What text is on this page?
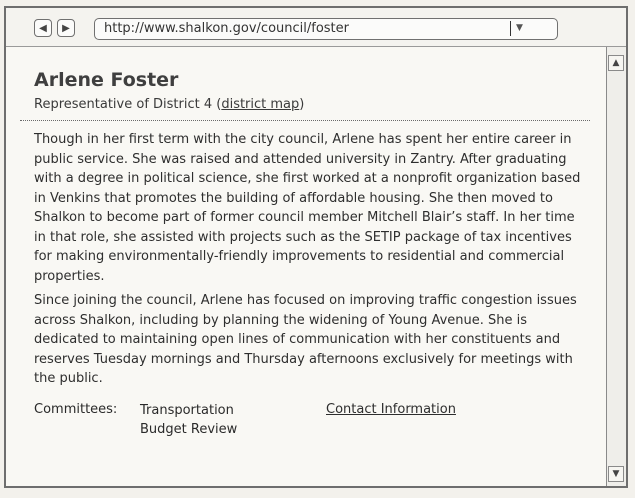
◀ ▶	http://www.shalkon.gov/council/foster	▼
Arlene Foster
Representative of District 4 (district map)

Though in her first term with the city council, Arlene has spent her entire career in public service. She was raised and attended university in Zantry. After graduating with a degree in political science, she first worked at a nonprofit organization based in Venkins that promotes the building of affordable housing. She then moved to Shalkon to become part of former council member Mitchell Blair’s staff. In her time in that role, she assisted with projects such as the SETIP package of tax incentives for making environmentally-friendly improvements to residential and commercial properties.

Since joining the council, Arlene has focused on improving traffic congestion issues across Shalkon, including by planning the widening of Young Avenue. She is dedicated to maintaining open lines of communication with her constituents and reserves Tuesday mornings and Thursday afternoons exclusively for meetings with the public.

Committees: Transportation
Budget Review
Contact Information
▲
▼
